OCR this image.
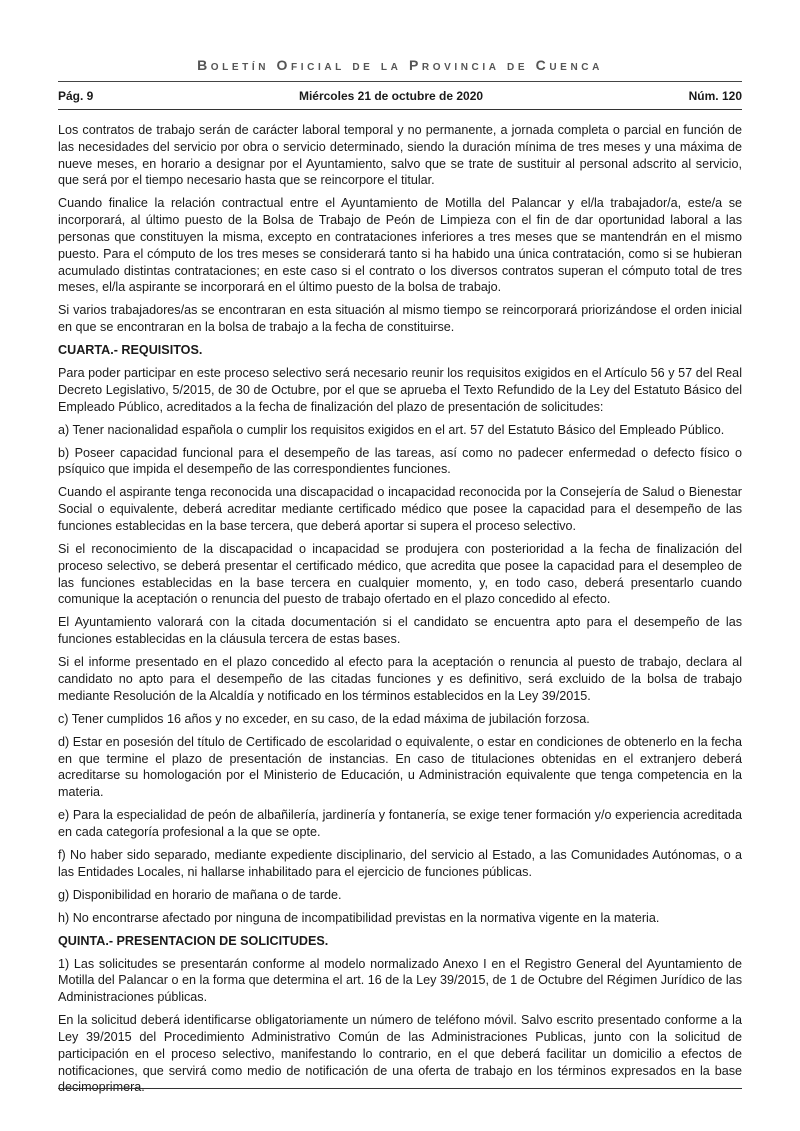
Boletín Oficial de la Provincia de Cuenca
Pág. 9	Miércoles 21 de octubre de 2020	Núm. 120

Los contratos de trabajo serán de carácter laboral temporal y no permanente, a jornada completa o parcial en función de las necesidades del servicio por obra o servicio determinado, siendo la duración mínima de tres meses y una máxima de nueve meses, en horario a designar por el Ayuntamiento, salvo que se trate de sustituir al personal adscrito al servicio, que será por el tiempo necesario hasta que se reincorpore el titular.

Cuando finalice la relación contractual entre el Ayuntamiento de Motilla del Palancar y el/la trabajador/a, este/a se incorporará, al último puesto de la Bolsa de Trabajo de Peón de Limpieza con el fin de dar oportunidad laboral a las personas que constituyen la misma, excepto en contrataciones inferiores a tres meses que se mantendrán en el mismo puesto. Para el cómputo de los tres meses se considerará tanto si ha habido una única contratación, como si se hubieran acumulado distintas contrataciones; en este caso si el contrato o los diversos contratos superan el cómputo total de tres meses, el/la aspirante se incorporará en el último puesto de la bolsa de trabajo.

Si varios trabajadores/as se encontraran en esta situación al mismo tiempo se reincorporará priorizándose el orden inicial en que se encontraran en la bolsa de trabajo a la fecha de constituirse.

CUARTA.- REQUISITOS.

Para poder participar en este proceso selectivo será necesario reunir los requisitos exigidos en el Artículo 56 y 57 del Real Decreto Legislativo, 5/2015, de 30 de Octubre, por el que se aprueba el Texto Refundido de la Ley del Estatuto Básico del Empleado Público, acreditados a la fecha de finalización del plazo de presentación de solicitudes:

a) Tener nacionalidad española o cumplir los requisitos exigidos en el art. 57 del Estatuto Básico del Empleado Público.

b) Poseer capacidad funcional para el desempeño de las tareas, así como no padecer enfermedad o defecto físico o psíquico que impida el desempeño de las correspondientes funciones.

Cuando el aspirante tenga reconocida una discapacidad o incapacidad reconocida por la Consejería de Salud o Bienestar Social o equivalente, deberá acreditar mediante certificado médico que posee la capacidad para el desempeño de las funciones establecidas en la base tercera, que deberá aportar si supera el proceso selectivo.

Si el reconocimiento de la discapacidad o incapacidad se produjera con posterioridad a la fecha de finalización del proceso selectivo, se deberá presentar el certificado médico, que acredita que posee la capacidad para el desempleo de las funciones establecidas en la base tercera en cualquier momento, y, en todo caso, deberá presentarlo cuando comunique la aceptación o renuncia del puesto de trabajo ofertado en el plazo concedido al efecto.

El Ayuntamiento valorará con la citada documentación si el candidato se encuentra apto para el desempeño de las funciones establecidas en la cláusula tercera de estas bases.

Si el informe presentado en el plazo concedido al efecto para la aceptación o renuncia al puesto de trabajo, declara al candidato no apto para el desempeño de las citadas funciones y es definitivo, será excluido de la bolsa de trabajo mediante Resolución de la Alcaldía y notificado en los términos establecidos en la Ley 39/2015.

c) Tener cumplidos 16 años y no exceder, en su caso, de la edad máxima de jubilación forzosa.

d) Estar en posesión del título de Certificado de escolaridad o equivalente, o estar en condiciones de obtenerlo en la fecha en que termine el plazo de presentación de instancias. En caso de titulaciones obtenidas en el extranjero deberá acreditarse su homologación por el Ministerio de Educación, u Administración equivalente que tenga competencia en la materia.

e) Para la especialidad de peón de albañilería, jardinería y fontanería, se exige tener formación y/o experiencia acreditada en cada categoría profesional a la que se opte.

f) No haber sido separado, mediante expediente disciplinario, del servicio al Estado, a las Comunidades Autónomas, o a las Entidades Locales, ni hallarse inhabilitado para el ejercicio de funciones públicas.

g) Disponibilidad en horario de mañana o de tarde.

h) No encontrarse afectado por ninguna de incompatibilidad previstas en la normativa vigente en la materia.

QUINTA.- PRESENTACION DE SOLICITUDES.

1) Las solicitudes se presentarán conforme al modelo normalizado Anexo I en el Registro General del Ayuntamiento de Motilla del Palancar o en la forma que determina el art. 16 de la Ley 39/2015, de 1 de Octubre del Régimen Jurídico de las Administraciones públicas.

En la solicitud deberá identificarse obligatoriamente un número de teléfono móvil. Salvo escrito presentado conforme a la Ley 39/2015 del Procedimiento Administrativo Común de las Administraciones Publicas, junto con la solicitud de participación en el proceso selectivo, manifestando lo contrario, en el que deberá facilitar un domicilio a efectos de notificaciones, que servirá como medio de notificación de una oferta de trabajo en los términos expresados en la base decimoprimera.
